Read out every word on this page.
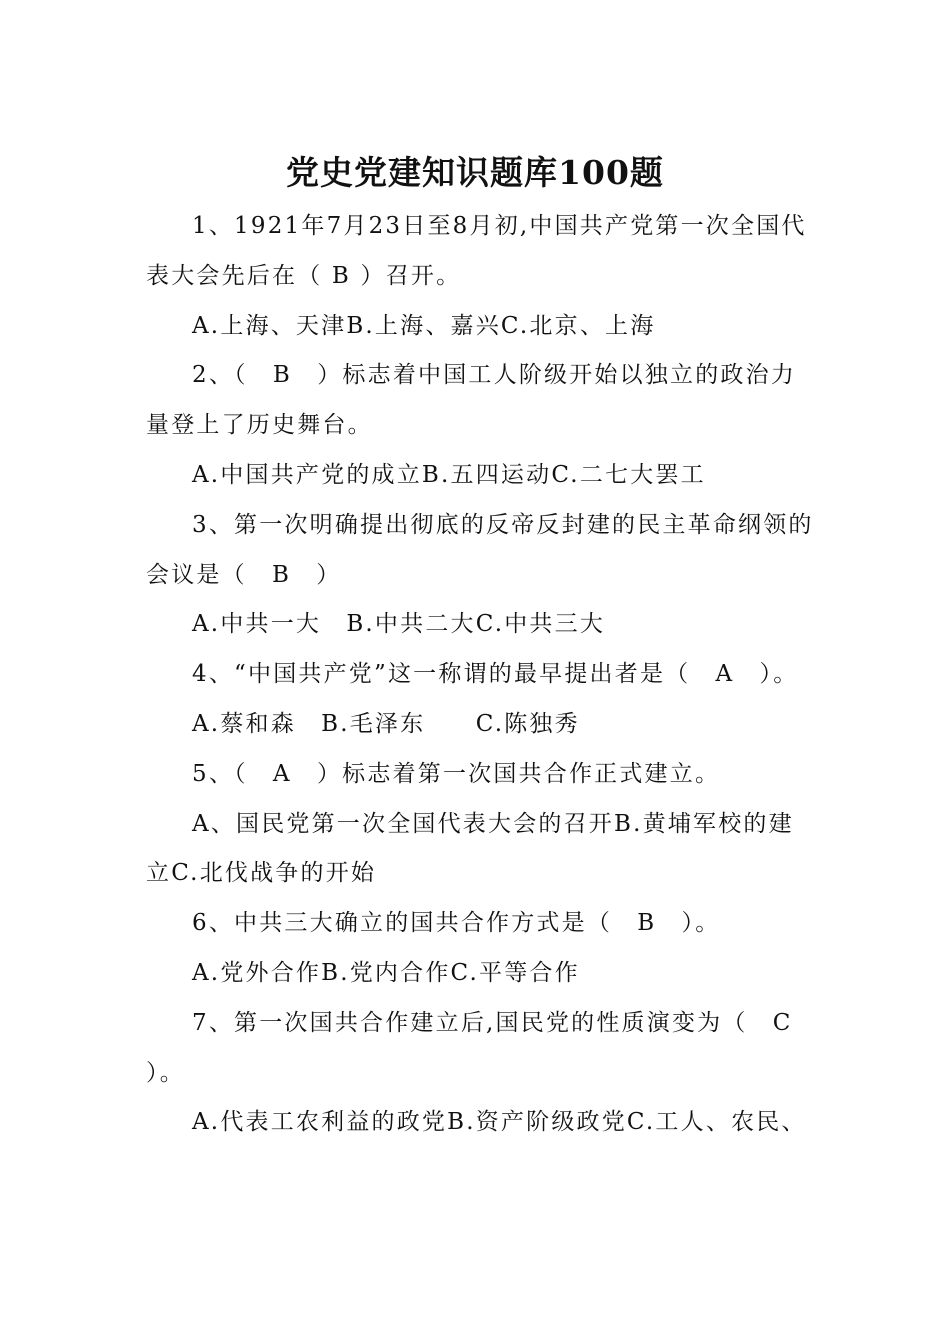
党史党建知识题库100题

1、1921年7月23日至8月初,中国共产党第一次全国代表大会先后在（ B ）召开。

A.上海、天津B.上海、嘉兴C.北京、上海

2、（　B　）标志着中国工人阶级开始以独立的政治力量登上了历史舞台。

A.中国共产党的成立B.五四运动C.二七大罢工

3、第一次明确提出彻底的反帝反封建的民主革命纲领的会议是（　B　）

A.中共一大　B.中共二大C.中共三大

4、“中国共产党”这一称谓的最早提出者是（　A　）。

A.蔡和森　B.毛泽东　　C.陈独秀

5、（　A　）标志着第一次国共合作正式建立。

A、国民党第一次全国代表大会的召开B.黄埔军校的建立C.北伐战争的开始

6、中共三大确立的国共合作方式是（　B　）。

A.党外合作B.党内合作C.平等合作

7、第一次国共合作建立后,国民党的性质演变为（　C　）。

A.代表工农利益的政党B.资产阶级政党C.工人、农民、
